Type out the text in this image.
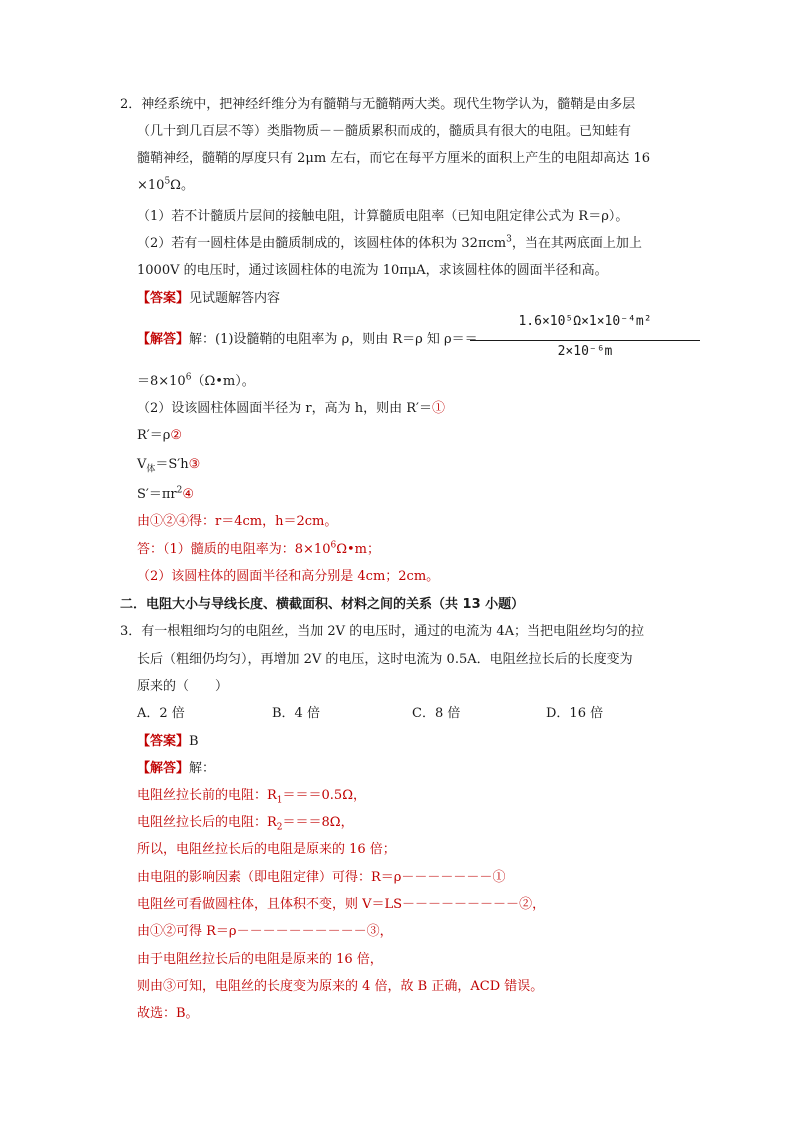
2．神经系统中，把神经纤维分为有髓鞘与无髓鞘两大类。现代生物学认为，髓鞘是由多层
（几十到几百层不等）类脂物质－－髓质累积而成的，髓质具有很大的电阻。已知蛙有
髓鞘神经，髓鞘的厚度只有 2μm 左右，而它在每平方厘米的面积上产生的电阻却高达 16
$\times 10^5\Omega$。
（1）若不计髓质片层间的接触电阻，计算髓质电阻率（已知电阻定律公式为 R＝ρ）。
（2）若有一圆柱体是由髓质制成的，该圆柱体的体积为 32πcm$^3$，当在其两底面上加上
1000V 的电压时，通过该圆柱体的电流为 10πμA，求该圆柱体的圆面半径和高。
【答案】见试题解答内容
【解答】解：(1)设髓鞘的电阻率为 ρ，则由 R＝ρ 知 ρ＝＝
1.6×10⁵Ω×1×10⁻⁴m²
2×10⁻⁶m
$=8\times 10^6(\Omega•m)$。
（2）设该圆柱体圆面半径为 r，高为 h，则由 R′＝①
R′＝ρ②
$V_体=S'h③$
$S'=\pi r^2④$
由①②④得：r＝4cm，h＝2cm。
答：（1）髓质的电阻率为：$8\times 10^6\Omega•m$；
（2）该圆柱体的圆面半径和高分别是 4cm；2cm。
二．电阻大小与导线长度、横截面积、材料之间的关系（共 13 小题）
3．有一根粗细均匀的电阻丝，当加 2V 的电压时，通过的电流为 4A；当把电阻丝均匀的拉
长后（粗细仍均匀），再增加 2V 的电压，这时电流为 0.5A．电阻丝拉长后的长度变为
原来的（　　）
A．2 倍	B．4 倍	C．8 倍	D．16 倍
【答案】B
【解答】解：
电阻丝拉长前的电阻：$R_1===0.5\Omega$，
电阻丝拉长后的电阻：$R_2===8\Omega$，
所以，电阻丝拉长后的电阻是原来的 16 倍；
由电阻的影响因素（即电阻定律）可得：R＝ρ－－－－－－－①
电阻丝可看做圆柱体，且体积不变，则 V＝LS－－－－－－－－－②，
由①②可得 R＝ρ－－－－－－－－－－③，
由于电阻丝拉长后的电阻是原来的 16 倍，
则由③可知，电阻丝的长度变为原来的 4 倍，故 B 正确，ACD 错误。
故选：B。
